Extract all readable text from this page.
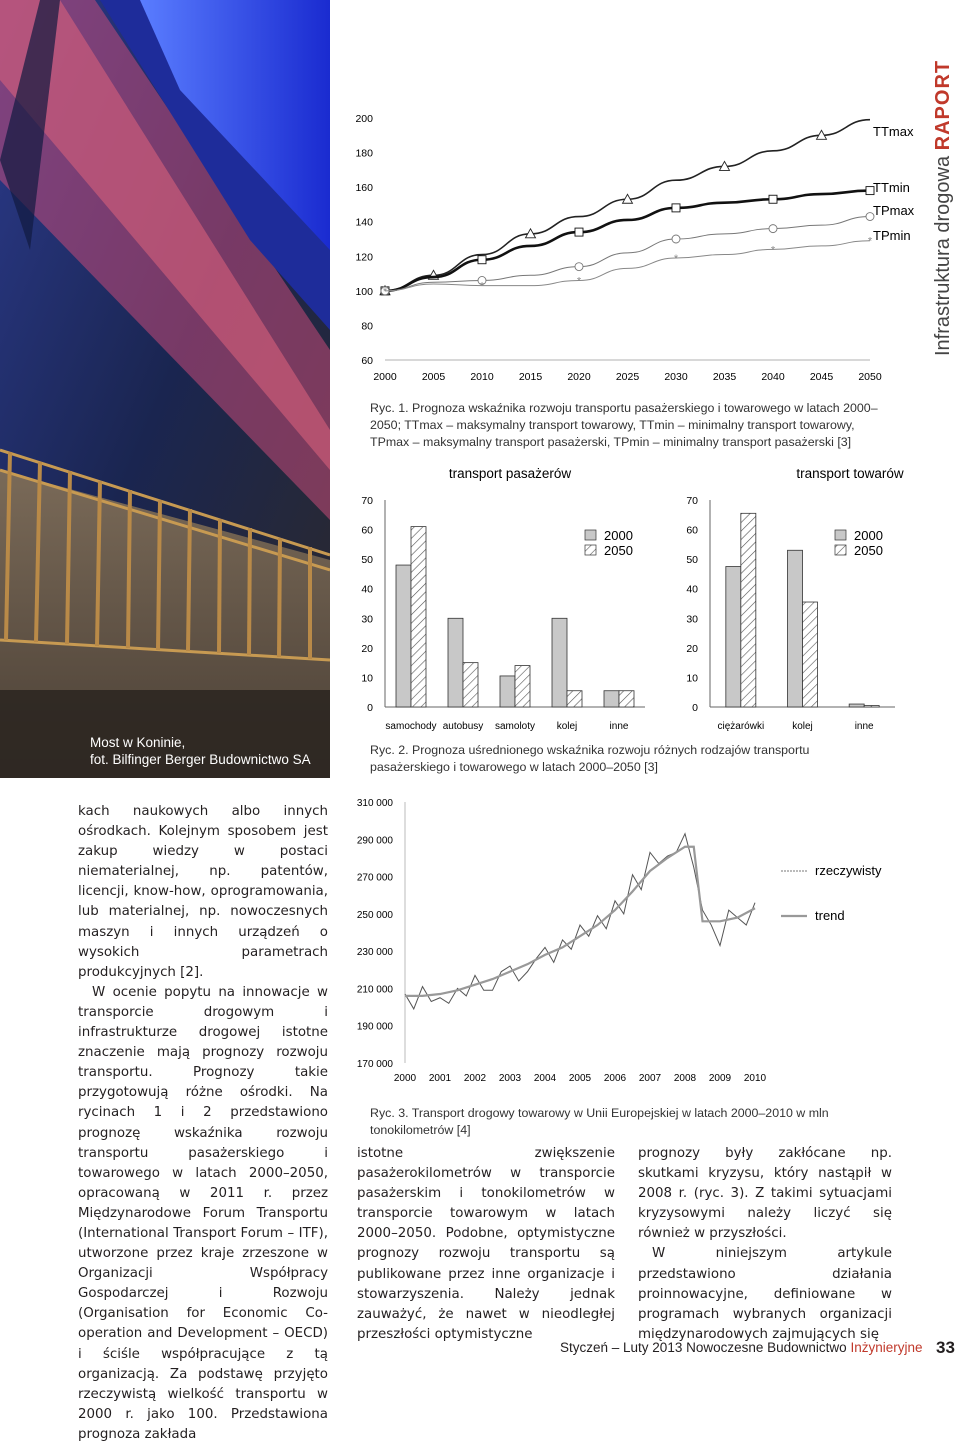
Most w Koninie,
fot. Bilfinger Berger Budownictwo SA
Infrastruktura drogowa RAPORT
60
80
100
120
140
160
180
200
2000 2005 2010 2015 2020 2025 2030 2035 2040 2045 2050
TTmax
TTmin
TPmax
*	*	*
*
*
* TPmin
Ryc. 1. Prognoza wskaźnika rozwoju transportu pasażerskiego i towarowego w latach 2000–2050; TTmax – maksymalny transport towarowy, TTmin – minimalny transport towarowy, TPmax – maksymalny transport pasażerski, TPmin – minimalny transport pasażerski [3]
transport pasażerów
0
10
20
30
40
50
60
70
samochody autobusy samoloty kolej	inne
2000
2050
transport towarów
0
10
20
30
40
50
60
70
ciężarówki	kolej	inne
2000
2050
Ryc. 2. Prognoza uśrednionego wskaźnika rozwoju różnych rodzajów transportu pasażerskiego i towarowego w latach 2000–2050 [3]
170 000
190 000
210 000
230 000
250 000
270 000
290 000
310 000
2000 2001 2002 2003 2004 2005 2006 2007 2008 2009 2010
rzeczywisty
trend
Ryc. 3. Transport drogowy towarowy w Unii Europejskiej w latach 2000–2010 w mln tonokilometrów [4]

kach naukowych albo innych ośrodkach. Kolejnym sposobem jest zakup wiedzy w postaci niematerialnej, np. patentów, licencji, know-how, oprogramowania, lub materialnej, np. nowoczesnych maszyn i innych urządzeń o wysokich parametrach produkcyjnych [2].

W ocenie popytu na innowacje w transporcie drogowym i infrastrukturze drogowej istotne znaczenie mają prognozy rozwoju transportu. Prognozy takie przygotowują różne ośrodki. Na rycinach 1 i 2 przedstawiono prognozę wskaźnika rozwoju transportu pasażerskiego i towarowego w latach 2000–2050, opracowaną w 2011 r. przez Międzynarodowe Forum Transportu (International Transport Forum – ITF), utworzone przez kraje zrzeszone w Organizacji Współpracy Gospodarczej i Rozwoju (Organisation for Economic Co-operation and Development – OECD) i ściśle współpracujące z tą organizacją. Za podstawę przyjęto rzeczywistą wielkość transportu w 2000 r. jako 100. Przedstawiona prognoza zakłada

istotne zwiększenie pasażerokilometrów w transporcie pasażerskim i tonokilometrów w transporcie towarowym w latach 2000–2050. Podobne, optymistyczne prognozy rozwoju transportu są publikowane przez inne organizacje i stowarzyszenia. Należy jednak zauważyć, że nawet w nieodległej przeszłości optymistyczne

prognozy były zakłócane np. skutkami kryzysu, który nastąpił w 2008 r. (ryc. 3). Z takimi sytuacjami kryzysowymi należy liczyć się również w przyszłości.

W niniejszym artykule przedstawiono działania proinnowacyjne, definiowane w programach wybranych organizacji międzynarodowych zajmujących się

Styczeń – Luty 2013 Nowoczesne Budownictwo Inżynieryjne 33
